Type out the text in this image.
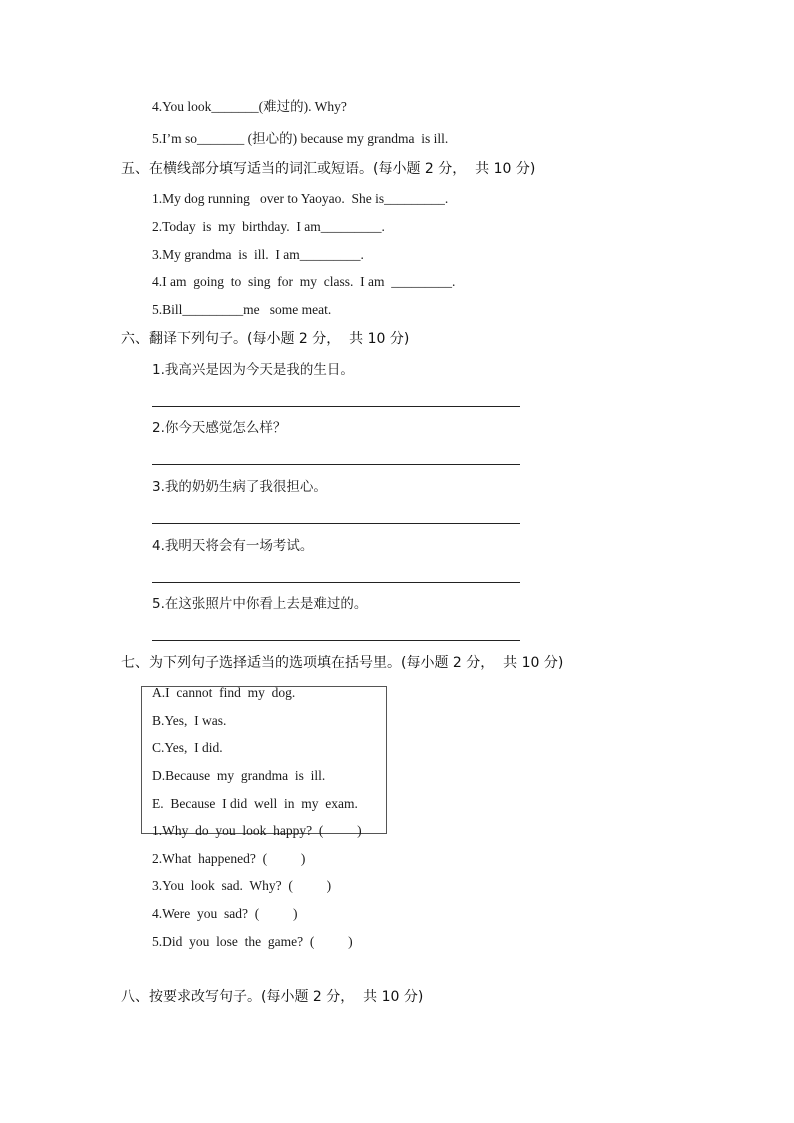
4.You look_______(难过的). Why?
5.I’m so_______ (担心的) because my grandma  is ill.
五、在横线部分填写适当的词汇或短语。(每小题 2 分，  共 10 分)
1.My dog running   over to Yaoyao.  She is_________.
2.Today  is  my  birthday.  I am_________.
3.My grandma  is  ill.  I am_________.
4.I am  going  to  sing  for  my  class.  I am  _________.
5.Bill_________me   some meat.
六、翻译下列句子。(每小题 2 分，  共 10 分)
1.我高兴是因为今天是我的生日。
2.你今天感觉怎么样？
3.我的奶奶生病了我很担心。
4.我明天将会有一场考试。
5.在这张照片中你看上去是难过的。
七、为下列句子选择适当的选项填在括号里。(每小题 2 分，  共 10 分)
A.I  cannot  find  my  dog.
B.Yes,  I was.
C.Yes,  I did.
D.Because  my  grandma  is  ill.
E.  Because  I did  well  in  my  exam.
1.Why  do  you  look  happy?  (          )
2.What  happened?  (          )
3.You  look  sad.  Why?  (          )
4.Were  you  sad?  (          )
5.Did  you  lose  the  game?  (          )
八、按要求改写句子。(每小题 2 分，  共 10 分)
